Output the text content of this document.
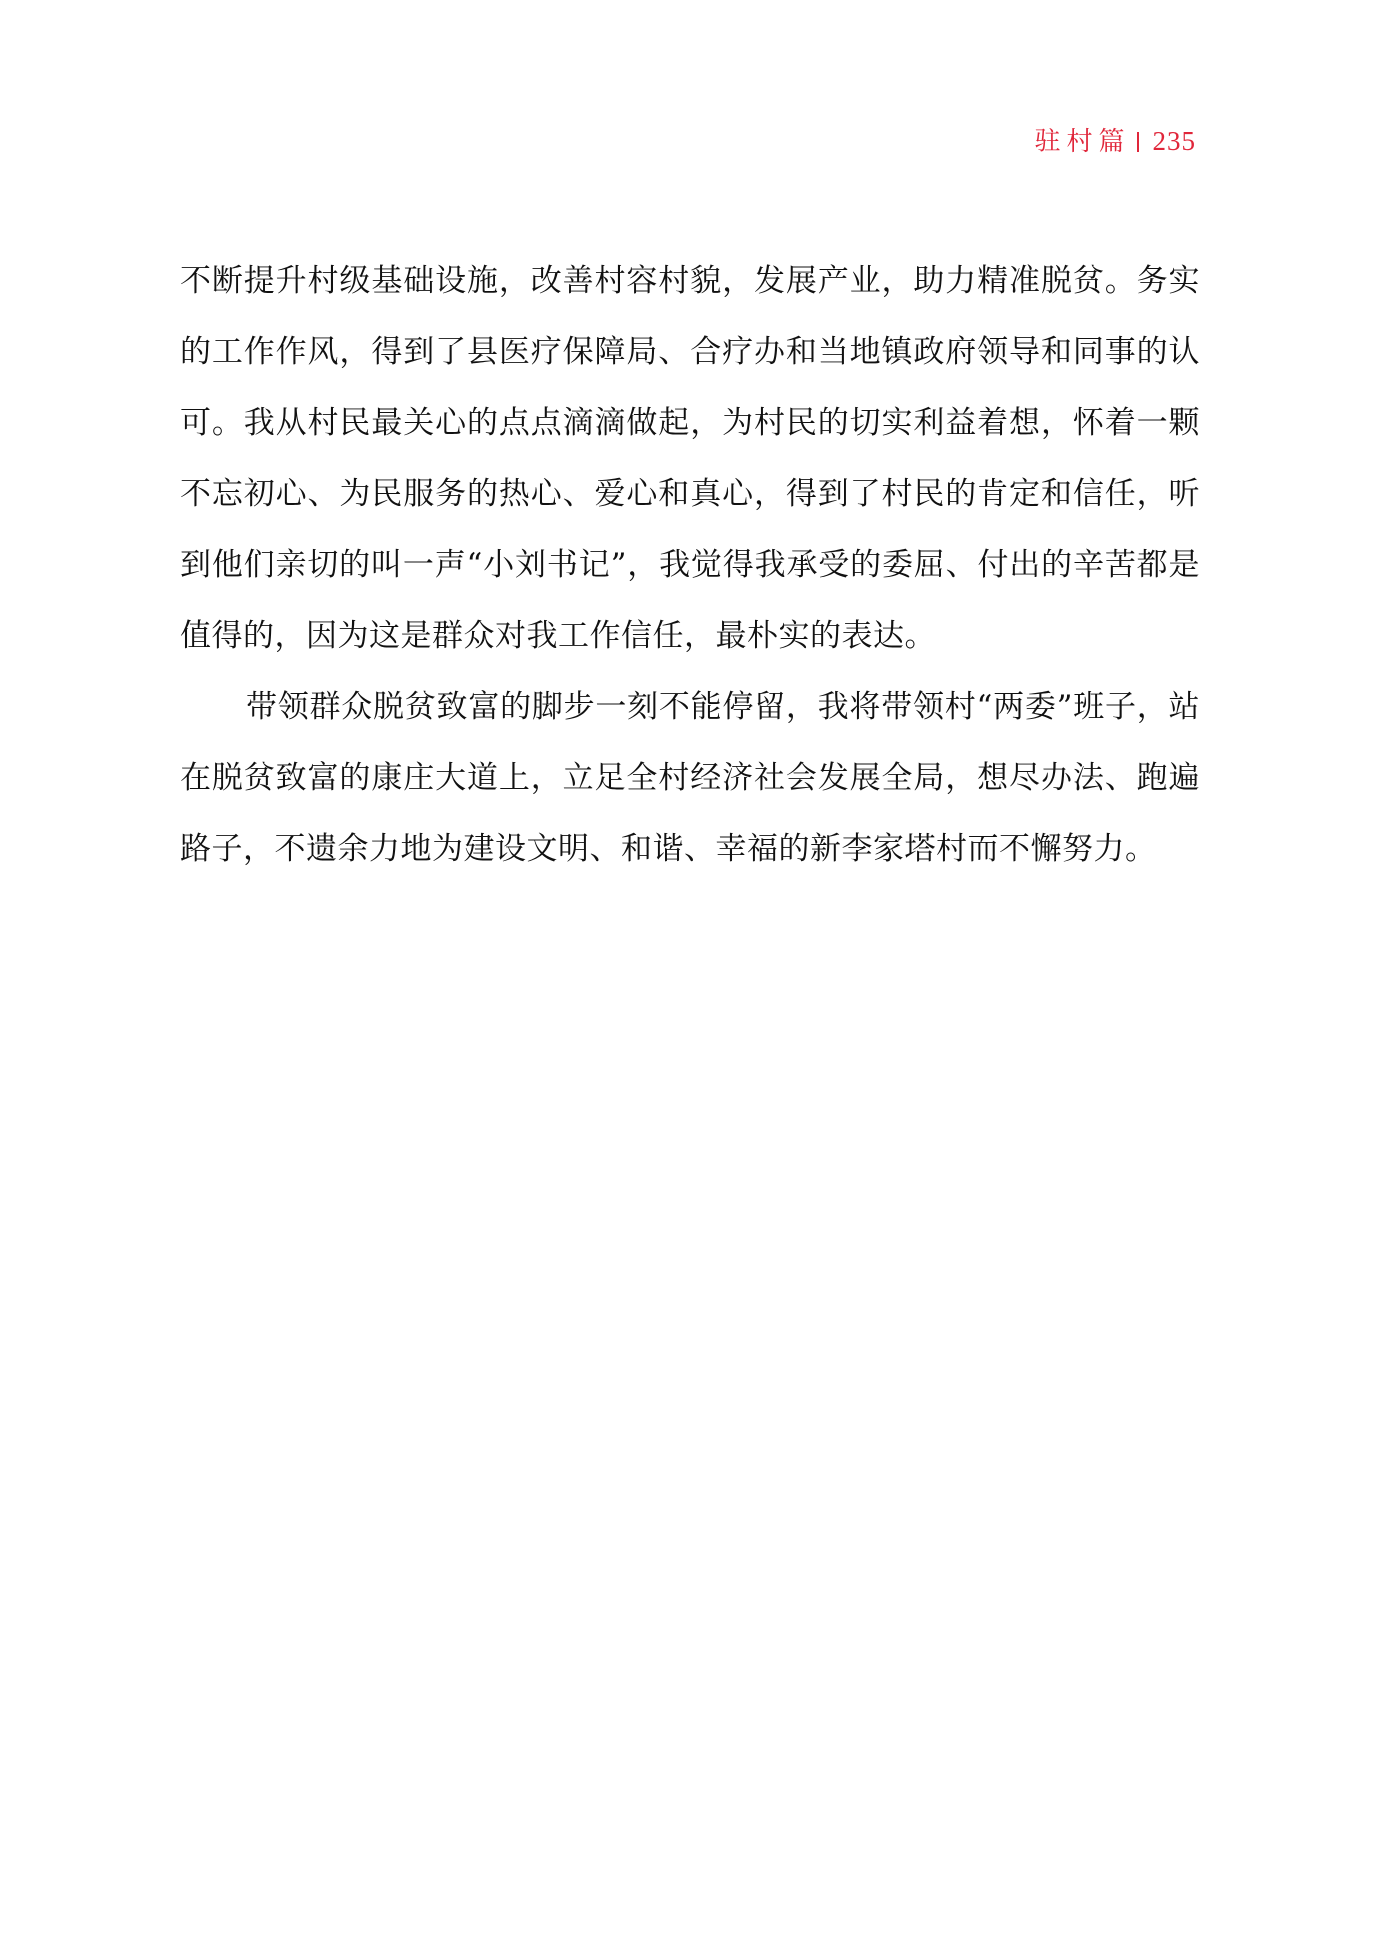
驻村篇 235

不断提升村级基础设施，改善村容村貌，发展产业，助力精准脱贫。务实的工作作风，得到了县医疗保障局、合疗办和当地镇政府领导和同事的认可。我从村民最关心的点点滴滴做起，为村民的切实利益着想，怀着一颗不忘初心、为民服务的热心、爱心和真心，得到了村民的肯定和信任，听到他们亲切的叫一声“小刘书记”，我觉得我承受的委屈、付出的辛苦都是值得的，因为这是群众对我工作信任，最朴实的表达。

带领群众脱贫致富的脚步一刻不能停留，我将带领村“两委”班子，站在脱贫致富的康庄大道上，立足全村经济社会发展全局，想尽办法、跑遍路子，不遗余力地为建设文明、和谐、幸福的新李家塔村而不懈努力。
